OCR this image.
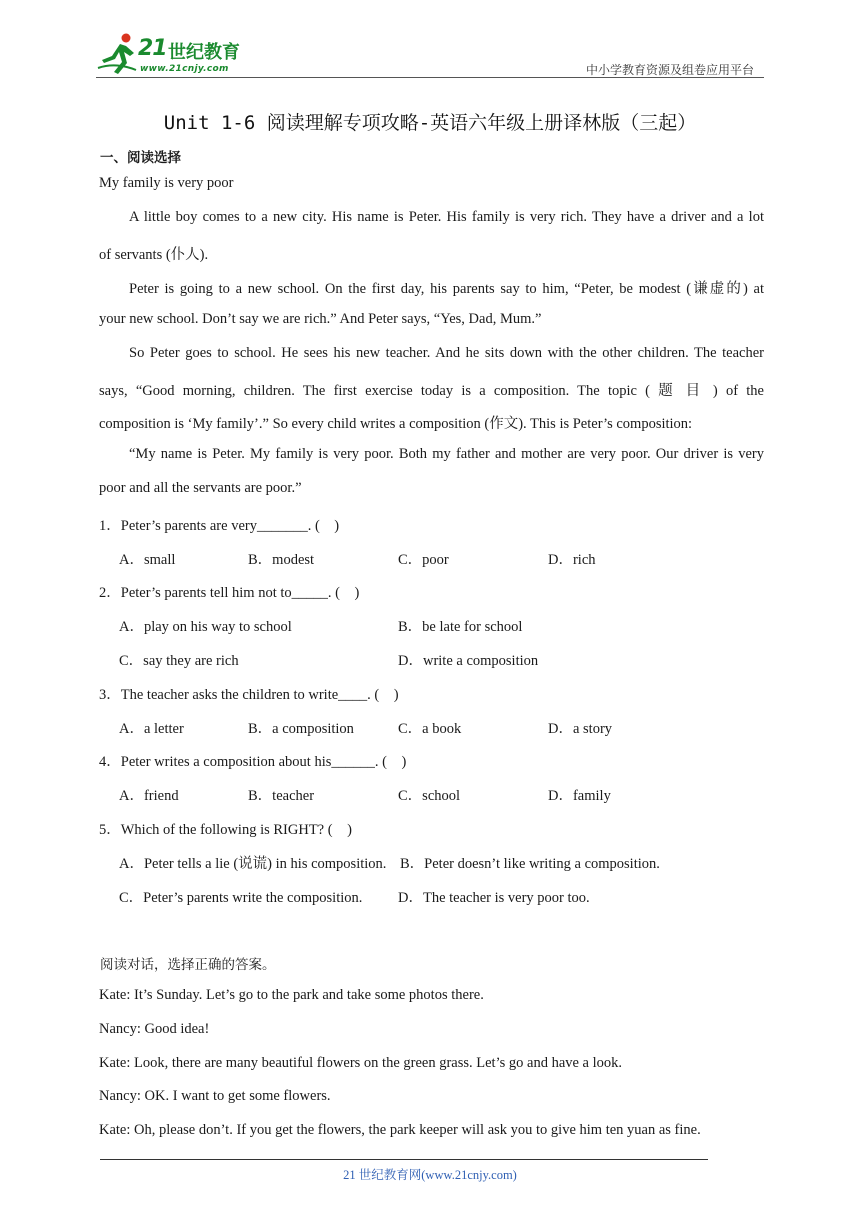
21 世纪教育
www.21cnjy.com	中小学教育资源及组卷应用平台
Unit 1-6 阅读理解专项攻略-英语六年级上册译林版（三起）
一、阅读选择
My family is very poor
A little boy comes to a new city. His name is Peter. His family is very rich. They have a driver and a lot
of servants (仆人).
Peter is going to a new school. On the first day, his parents say to him, “Peter, be modest (谦虚的) at
your new school. Don’t say we are rich.” And Peter says, “Yes, Dad, Mum.”
So Peter goes to school. He sees his new teacher. And he sits down with the other children. The teacher
says, “Good morning, children. The first exercise today is a composition. The topic ( 题 目 ) of the
composition is ‘My family’.” So every child writes a composition (作文). This is Peter’s composition:
“My name is Peter. My family is very poor. Both my father and mother are very poor. Our driver is very
poor and all the servants are poor.”
1．Peter’s parents are very_______. (　)
A．small	B．modest	C．poor	D．rich
2．Peter’s parents tell him not to_____. (　)
A．play on his way to school	B．be late for school
C．say they are rich	D．write a composition
3．The teacher asks the children to write____. (　)
A．a letter	B．a composition	C．a book	D．a story
4．Peter writes a composition about his______. (　)
A．friend	B．teacher	C．school	D．family
5．Which of the following is RIGHT? (　)
A．Peter tells a lie (说谎) in his composition. B．Peter doesn’t like writing a composition.
C．Peter’s parents write the composition. D．The teacher is very poor too.
阅读对话，选择正确的答案。
Kate: It’s Sunday. Let’s go to the park and take some photos there.
Nancy: Good idea!
Kate: Look, there are many beautiful flowers on the green grass. Let’s go and have a look.
Nancy: OK. I want to get some flowers.
Kate: Oh, please don’t. If you get the flowers, the park keeper will ask you to give him ten yuan as fine.
21 世纪教育网(www.21cnjy.com)
